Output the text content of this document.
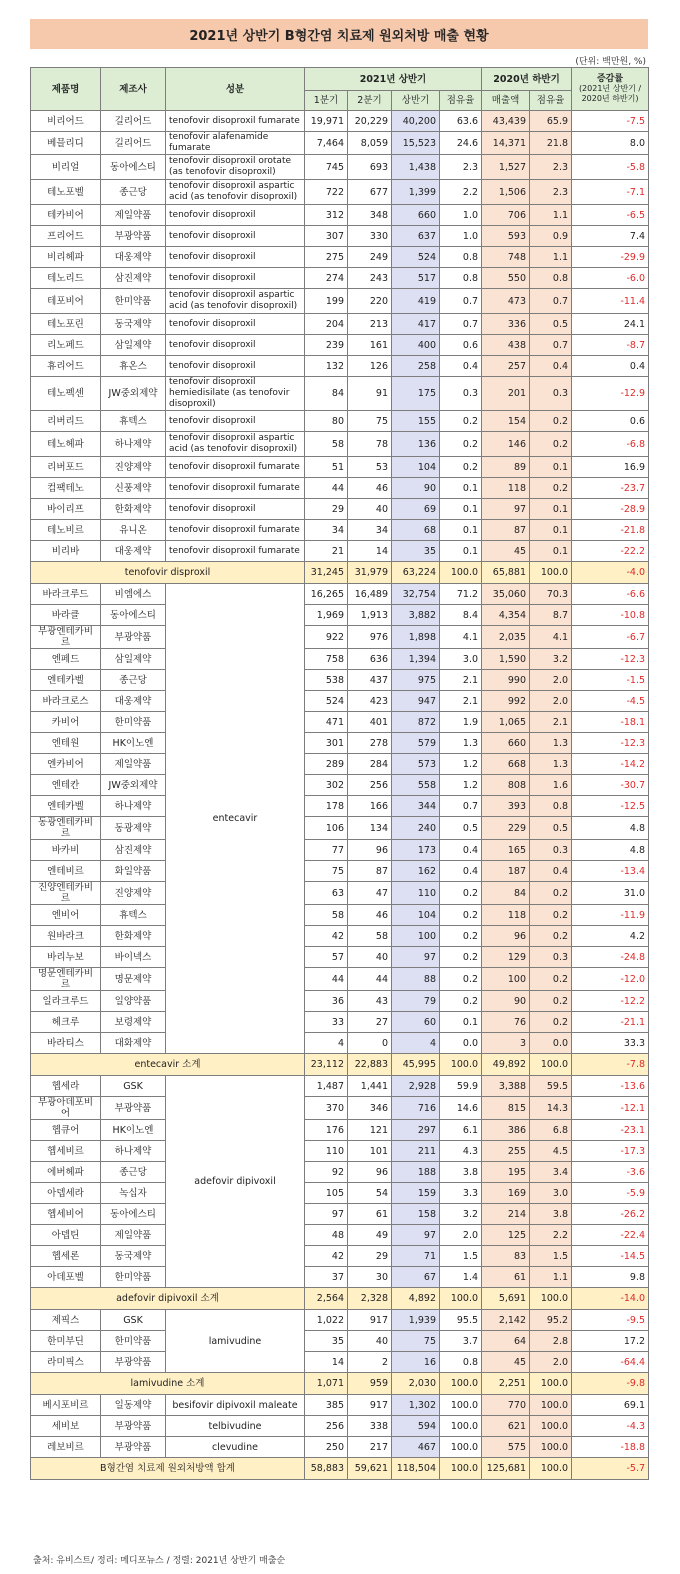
2021년 상반기 B형간염 치료제 원외처방 매출 현황
(단위: 백만원, %)
제품명	제조사	성분	2021년 상반기				2020년 하반기		증감률
(2021년 상반기 / 2020년 하반기)
			1분기	2분기	상반기	점유율	매출액	점유율	
비리어드	길리어드	tenofovir disoproxil fumarate	19,971	20,229	40,200	63.6	43,439	65.9	-7.5
베믈리디	길리어드	tenofovir alafenamide fumarate	7,464	8,059	15,523	24.6	14,371	21.8	8.0
비리얼	동아에스티	tenofovir disoproxil orotate (as tenofovir disoproxil)	745	693	1,438	2.3	1,527	2.3	-5.8
테노포벨	종근당	tenofovir disoproxil aspartic acid (as tenofovir disoproxil)	722	677	1,399	2.2	1,506	2.3	-7.1
테카비어	제일약품	tenofovir disoproxil	312	348	660	1.0	706	1.1	-6.5
프리어드	부광약품	tenofovir disoproxil	307	330	637	1.0	593	0.9	7.4
비리헤파	대웅제약	tenofovir disoproxil	275	249	524	0.8	748	1.1	-29.9
테노리드	삼진제약	tenofovir disoproxil	274	243	517	0.8	550	0.8	-6.0
테포비어	한미약품	tenofovir disoproxil aspartic acid (as tenofovir disoproxil)	199	220	419	0.7	473	0.7	-11.4
테노포린	동국제약	tenofovir disoproxil	204	213	417	0.7	336	0.5	24.1
리노페드	삼일제약	tenofovir disoproxil	239	161	400	0.6	438	0.7	-8.7
휴리어드	휴온스	tenofovir disoproxil	132	126	258	0.4	257	0.4	0.4
테노펙센	JW중외제약	tenofovir disoproxil hemiedisilate (as tenofovir disoproxil)	84	91	175	0.3	201	0.3	-12.9
리버리드	휴텍스	tenofovir disoproxil	80	75	155	0.2	154	0.2	0.6
테노헤파	하나제약	tenofovir disoproxil aspartic acid (as tenofovir disoproxil)	58	78	136	0.2	146	0.2	-6.8
리버포드	진양제약	tenofovir disoproxil fumarate	51	53	104	0.2	89	0.1	16.9
컴팩테노	신풍제약	tenofovir disoproxil fumarate	44	46	90	0.1	118	0.2	-23.7
바이리프	한화제약	tenofovir disoproxil	29	40	69	0.1	97	0.1	-28.9
테노비르	유니온	tenofovir disoproxil fumarate	34	34	68	0.1	87	0.1	-21.8
비리바	대웅제약	tenofovir disoproxil fumarate	21	14	35	0.1	45	0.1	-22.2
tenofovir disproxil			31,245	31,979	63,224	100.0	65,881	100.0	-4.0
바라크루드	비엠에스	entecavir	16,265	16,489	32,754	71.2	35,060	70.3	-6.6
바라클	동아에스티		1,969	1,913	3,882	8.4	4,354	8.7	-10.8
부광엔테카비르	부광약품		922	976	1,898	4.1	2,035	4.1	-6.7
엔페드	삼일제약		758	636	1,394	3.0	1,590	3.2	-12.3
엔테카벨	종근당		538	437	975	2.1	990	2.0	-1.5
바라크로스	대웅제약		524	423	947	2.1	992	2.0	-4.5
카비어	한미약품		471	401	872	1.9	1,065	2.1	-18.1
엔테원	HK이노엔		301	278	579	1.3	660	1.3	-12.3
엔카비어	제일약품		289	284	573	1.2	668	1.3	-14.2
엔테칸	JW중외제약		302	256	558	1.2	808	1.6	-30.7
엔테카벨	하나제약		178	166	344	0.7	393	0.8	-12.5
동광엔테카비르	동광제약		106	134	240	0.5	229	0.5	4.8
바카비	삼진제약		77	96	173	0.4	165	0.3	4.8
엔테비르	화일약품		75	87	162	0.4	187	0.4	-13.4
진양엔테카비르	진양제약		63	47	110	0.2	84	0.2	31.0
엔비어	휴텍스		58	46	104	0.2	118	0.2	-11.9
원바라크	한화제약		42	58	100	0.2	96	0.2	4.2
바리누보	바이넥스		57	40	97	0.2	129	0.3	-24.8
명문엔테카비르	명문제약		44	44	88	0.2	100	0.2	-12.0
일라크루드	일양약품		36	43	79	0.2	90	0.2	-12.2
헤크루	보령제약		33	27	60	0.1	76	0.2	-21.1
바라티스	대화제약		4	0	4	0.0	3	0.0	33.3
entecavir 소계			23,112	22,883	45,995	100.0	49,892	100.0	-7.8
헵세라	GSK	adefovir dipivoxil	1,487	1,441	2,928	59.9	3,388	59.5	-13.6
부광아데포비어	부광약품		370	346	716	14.6	815	14.3	-12.1
헵큐어	HK이노엔		176	121	297	6.1	386	6.8	-23.1
헵세비르	하나제약		110	101	211	4.3	255	4.5	-17.3
에버헤파	종근당		92	96	188	3.8	195	3.4	-3.6
아뎁세라	녹십자		105	54	159	3.3	169	3.0	-5.9
헵세비어	동아에스티		97	61	158	3.2	214	3.8	-26.2
아뎁틴	제일약품		48	49	97	2.0	125	2.2	-22.4
헵세론	동국제약		42	29	71	1.5	83	1.5	-14.5
아데포벨	한미약품		37	30	67	1.4	61	1.1	9.8
adefovir dipivoxil 소계			2,564	2,328	4,892	100.0	5,691	100.0	-14.0
제픽스	GSK	lamivudine	1,022	917	1,939	95.5	2,142	95.2	-9.5
한미부딘	한미약품		35	40	75	3.7	64	2.8	17.2
라미픽스	부광약품		14	2	16	0.8	45	2.0	-64.4
lamivudine 소계			1,071	959	2,030	100.0	2,251	100.0	-9.8
베시포비르	일동제약	besifovir dipivoxil maleate	385	917	1,302	100.0	770	100.0	69.1
세비보	부광약품	telbivudine	256	338	594	100.0	621	100.0	-4.3
레보비르	부광약품	clevudine	250	217	467	100.0	575	100.0	-18.8
B형간염 치료제 원외처방액 합계			58,883	59,621	118,504	100.0	125,681	100.0	-5.7
출처: 유비스트/ 정리: 메디포뉴스 / 정렬: 2021년 상반기 매출순
